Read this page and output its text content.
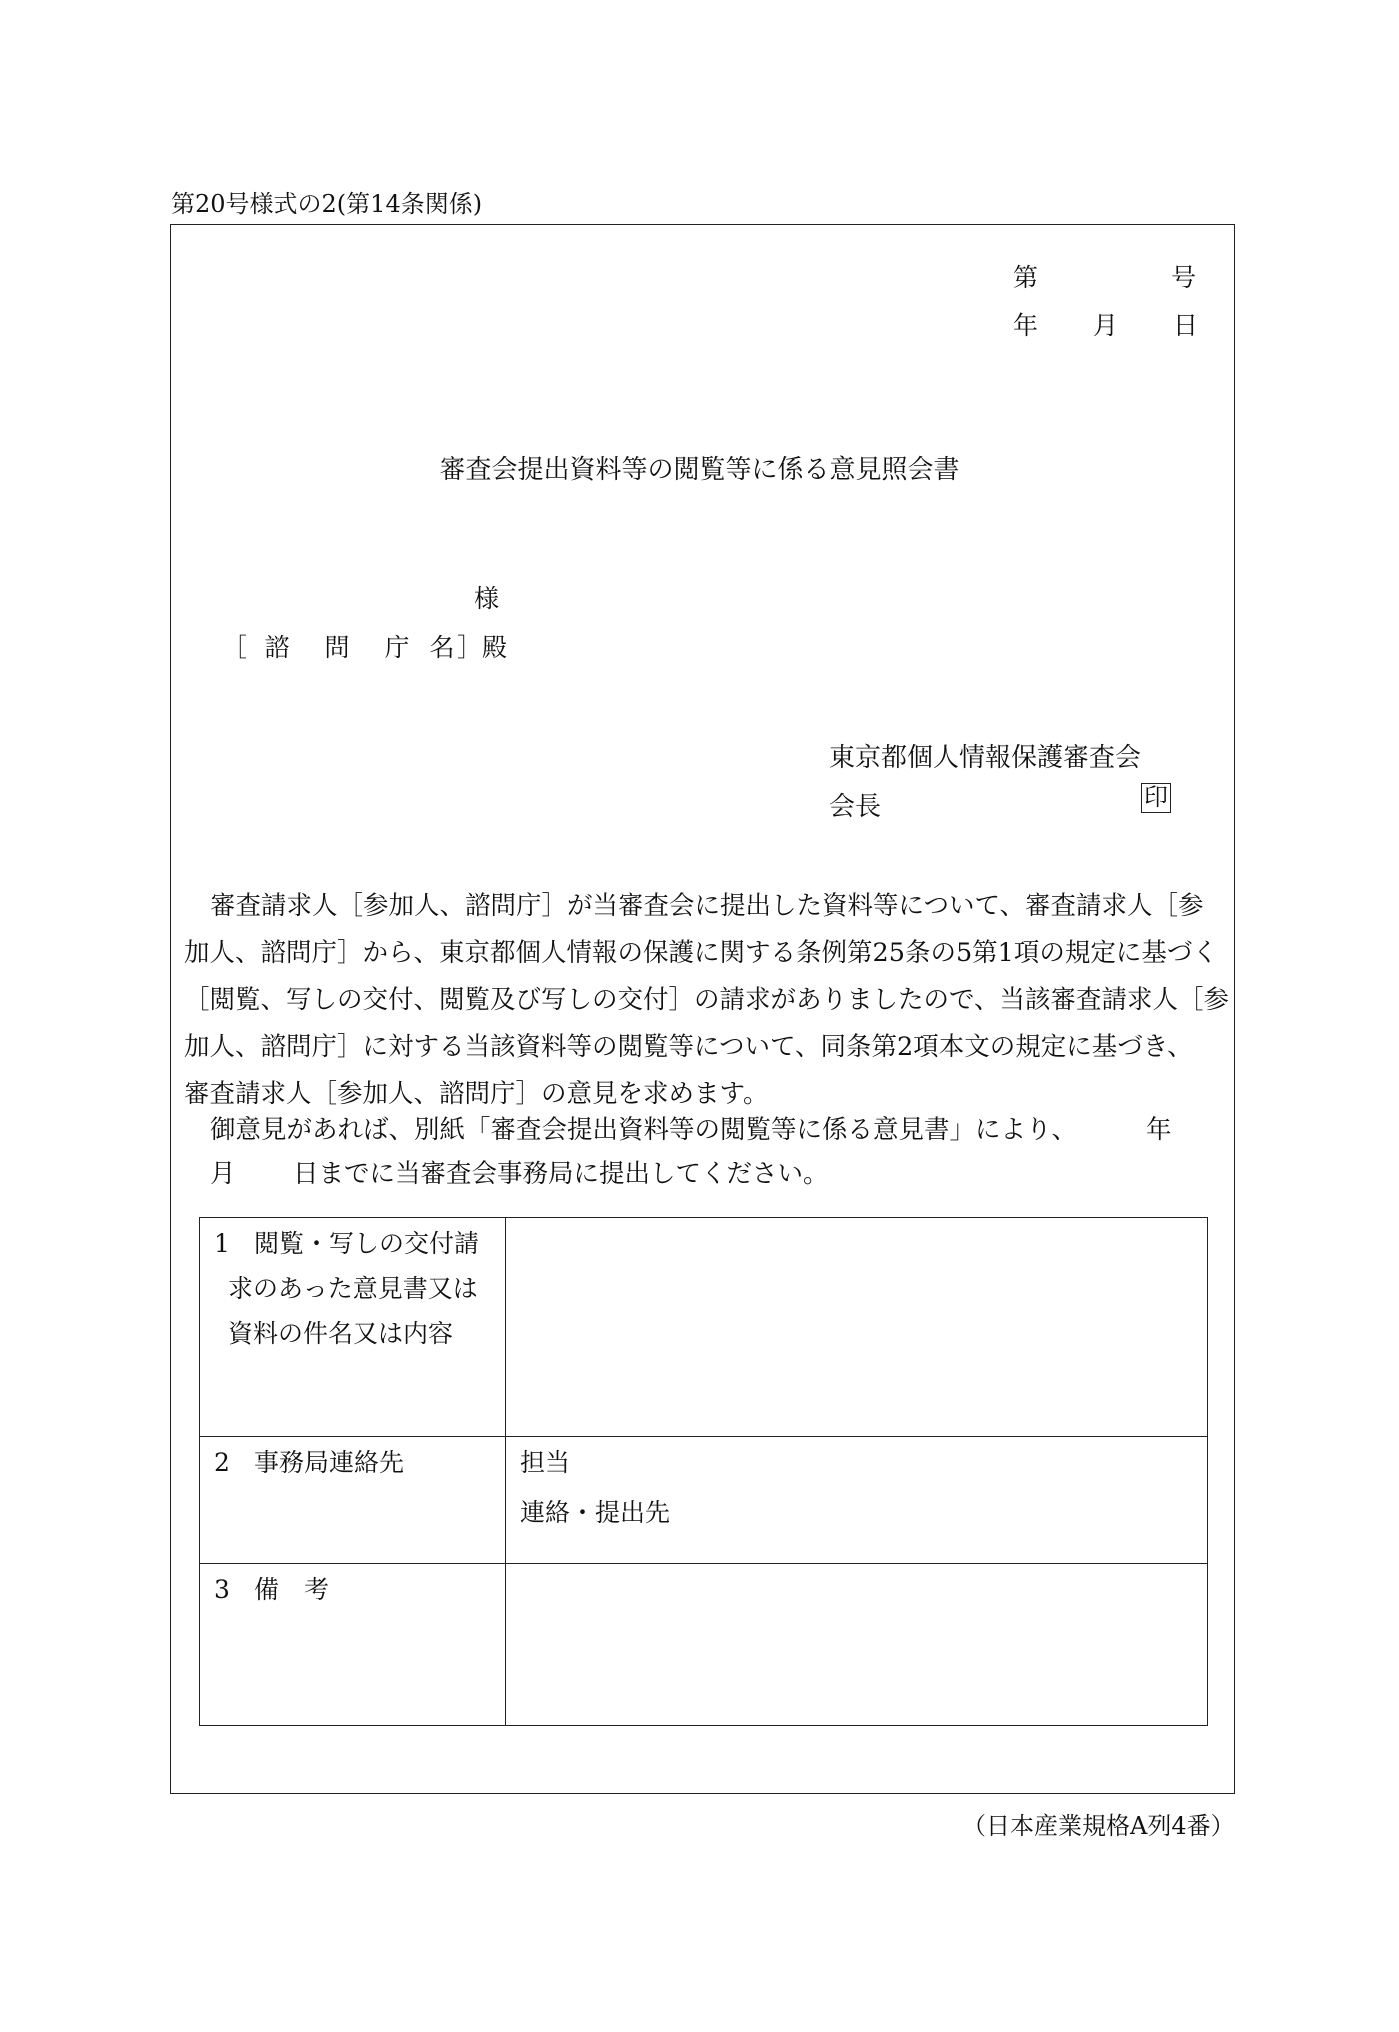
第20号様式の2(第14条関係)
第	号
年 月 日
審査会提出資料等の閲覧等に係る意見照会書
様
［ 諮 問 庁 名 ］殿
東京都個人情報保護審査会
会長	印
審査請求人［参加人、諮問庁］が当審査会に提出した資料等について、審査請求人［参
加人、諮問庁］から、東京都個人情報の保護に関する条例第25条の5第1項の規定に基づく
［閲覧、写しの交付、閲覧及び写しの交付］の請求がありましたので、当該審査請求人［参
加人、諮問庁］に対する当該資料等の閲覧等について、同条第2項本文の規定に基づき、
審査請求人［参加人、諮問庁］の意見を求めます。
御意見があれば、別紙「審査会提出資料等の閲覧等に係る意見書」により、	年
月 日までに当審査会事務局に提出してください。
1 閲覧・写しの交付請
求のあった意見書又は
資料の件名又は内容
2 事務局連絡先	担当
連絡・提出先
3 備　考
（日本産業規格A列4番）
